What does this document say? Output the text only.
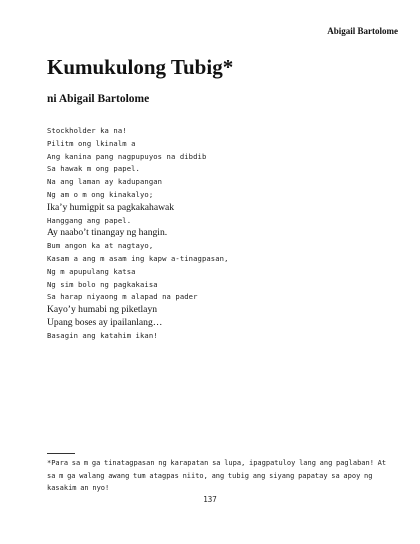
Abigail Bartolome
Kumukulong Tubig*
ni Abigail Bartolome
Stockholder ka na!
Pilitm ong lkinalm a
Ang kanina pang nagpupuyos na dibdib
Sa hawak m ong papel.
Na ang laman ay kadupangan
Ng am o m ong kinakalyo;
Ika’y humigpit sa pagkakahawak
Hanggang ang papel.
Ay naabo’t tinangay ng hangin.
Bum angon ka at nagtayo,
Kasam a ang m asam ing kapw a-tinagpasan,
Ng m apupulang katsa
Ng sim bolo ng pagkakaisa
Sa harap niyaong m alapad na pader
Kayo’y humabi ng piketlayn
Upang boses ay ipailanlang…
Basagin ang katahim ikan!
*Para sa m ga tinatagpasan ng karapatan sa lupa, ipagpatuloy lang ang paglaban! At sa m ga walang awang tum atagpas niito, ang tubig ang siyang papatay sa apoy ng kasakim an nyo!
137
